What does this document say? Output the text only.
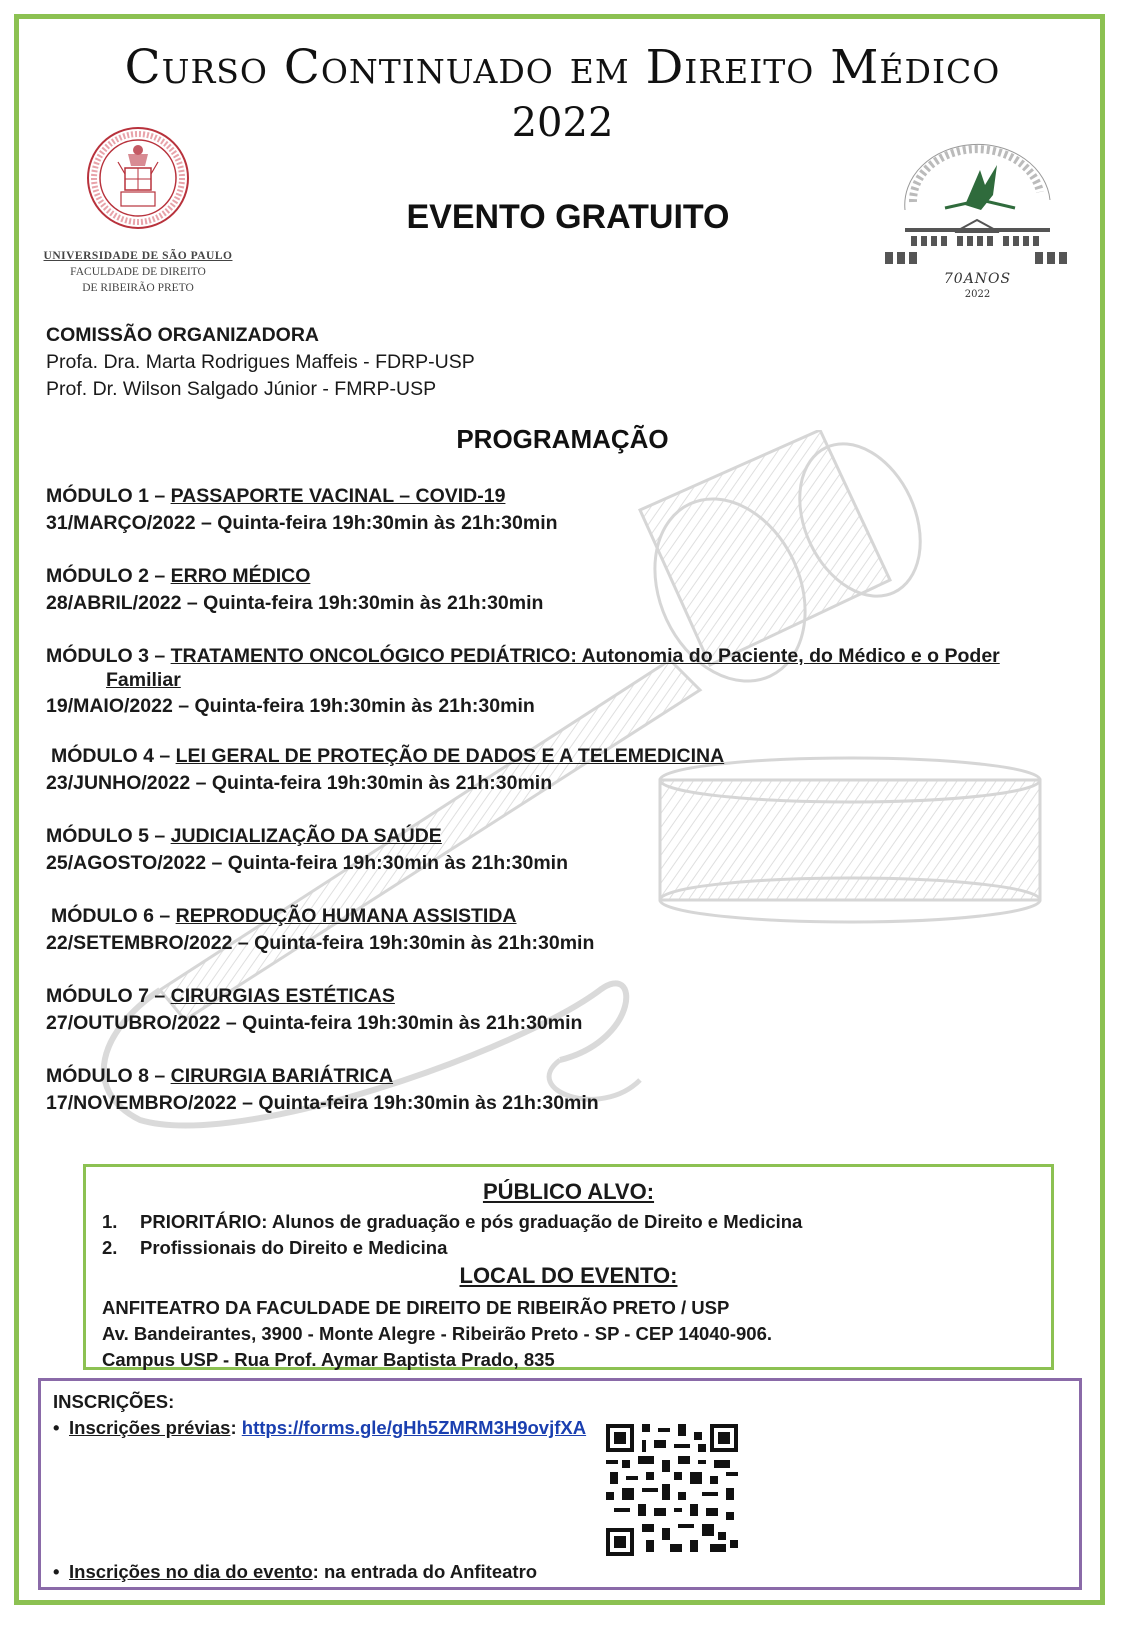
Curso Continuado em Direito Médico
2022
EVENTO GRATUITO
UNIVERSIDADE DE SÃO PAULO
FACULDADE DE DIREITO
DE RIBEIRÃO PRETO
70ANOS
2022
COMISSÃO ORGANIZADORA
Profa. Dra. Marta Rodrigues Maffeis - FDRP-USP
Prof. Dr. Wilson Salgado Júnior - FMRP-USP
PROGRAMAÇÃO
MÓDULO 1 – PASSAPORTE VACINAL – COVID-19
31/MARÇO/2022 – Quinta-feira 19h:30min às 21h:30min
MÓDULO 2 – ERRO MÉDICO
28/ABRIL/2022 – Quinta-feira 19h:30min às 21h:30min
MÓDULO 3 – TRATAMENTO ONCOLÓGICO PEDIÁTRICO: Autonomia do Paciente, do Médico e o Poder
Familiar
19/MAIO/2022 – Quinta-feira 19h:30min às 21h:30min
MÓDULO 4 – LEI GERAL DE PROTEÇÃO DE DADOS E A TELEMEDICINA
23/JUNHO/2022 – Quinta-feira 19h:30min às 21h:30min
MÓDULO 5 – JUDICIALIZAÇÃO DA SAÚDE
25/AGOSTO/2022 – Quinta-feira 19h:30min às 21h:30min
MÓDULO 6 – REPRODUÇÃO HUMANA ASSISTIDA
22/SETEMBRO/2022 – Quinta-feira 19h:30min às 21h:30min
MÓDULO 7 – CIRURGIAS ESTÉTICAS
27/OUTUBRO/2022 – Quinta-feira 19h:30min às 21h:30min
MÓDULO 8 – CIRURGIA BARIÁTRICA
17/NOVEMBRO/2022 – Quinta-feira 19h:30min às 21h:30min
PÚBLICO ALVO:
1. PRIORITÁRIO: Alunos de graduação e pós graduação de Direito e Medicina
2. Profissionais do Direito e Medicina
LOCAL DO EVENTO:
ANFITEATRO DA FACULDADE DE DIREITO DE RIBEIRÃO PRETO / USP
Av. Bandeirantes, 3900 - Monte Alegre - Ribeirão Preto - SP - CEP 14040-906.
Campus USP - Rua Prof. Aymar Baptista Prado, 835
INSCRIÇÕES:
• Inscrições prévias: https://forms.gle/gHh5ZMRM3H9ovjfXA
• Inscrições no dia do evento: na entrada do Anfiteatro
